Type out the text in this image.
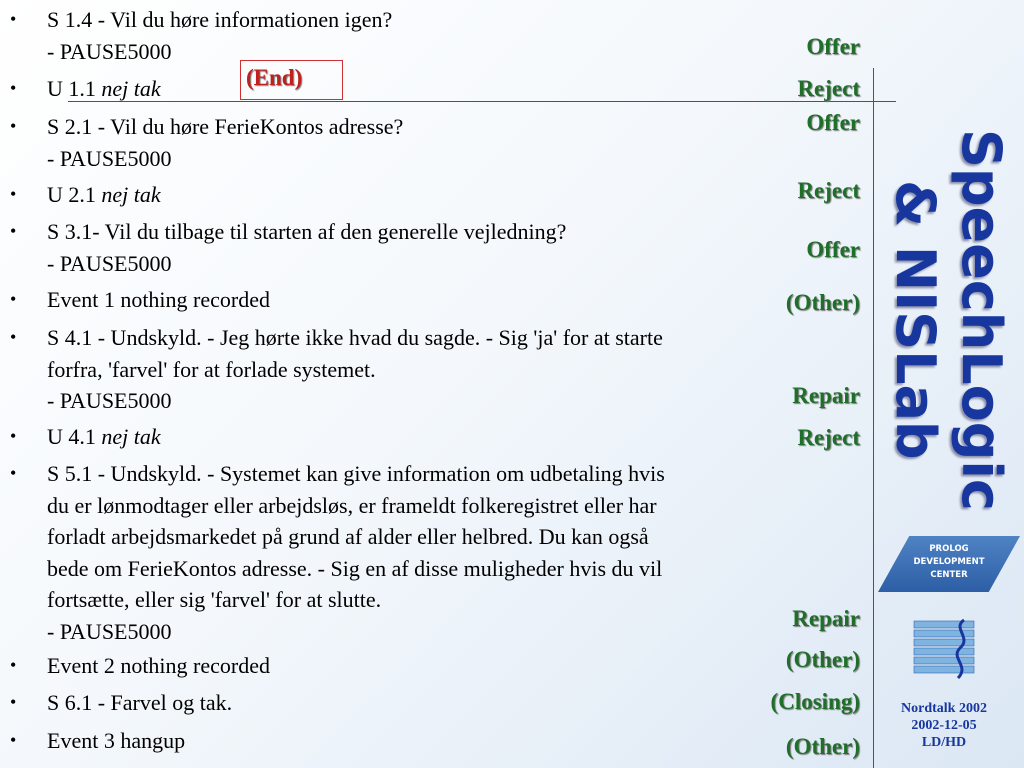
• S 1.4 - Vil du høre informationen igen?
- PAUSE5000

• U 1.1 nej tak

• S 2.1 - Vil du høre FerieKontos adresse?
- PAUSE5000

• U 2.1 nej tak

• S 3.1- Vil du tilbage til starten af den generelle vejledning?
- PAUSE5000

• Event 1 nothing recorded

• S 4.1 - Undskyld. - Jeg hørte ikke hvad du sagde. - Sig 'ja' for at starte
forfra, 'farvel' for at forlade systemet.
- PAUSE5000

• U 4.1 nej tak

• S 5.1 - Undskyld. - Systemet kan give information om udbetaling hvis
du er lønmodtager eller arbejdsløs, er frameldt folkeregistret eller har
forladt arbejdsmarkedet på grund af alder eller helbred. Du kan også
bede om FerieKontos adresse. - Sig en af disse muligheder hvis du vil
fortsætte, eller sig 'farvel' for at slutte.
- PAUSE5000

• Event 2 nothing recorded

• S 6.1 - Farvel og tak.

• Event 3 hangup

Offer
Reject
Offer
Reject
Offer
(Other)
Repair
Reject
Repair
(Other)
(Closing)
(Other)
(End)
SpeechLogic
& NISLab

PROLOG
DEVELOPMENT
CENTER

Nordtalk 2002
2002-12-05
LD/HD
